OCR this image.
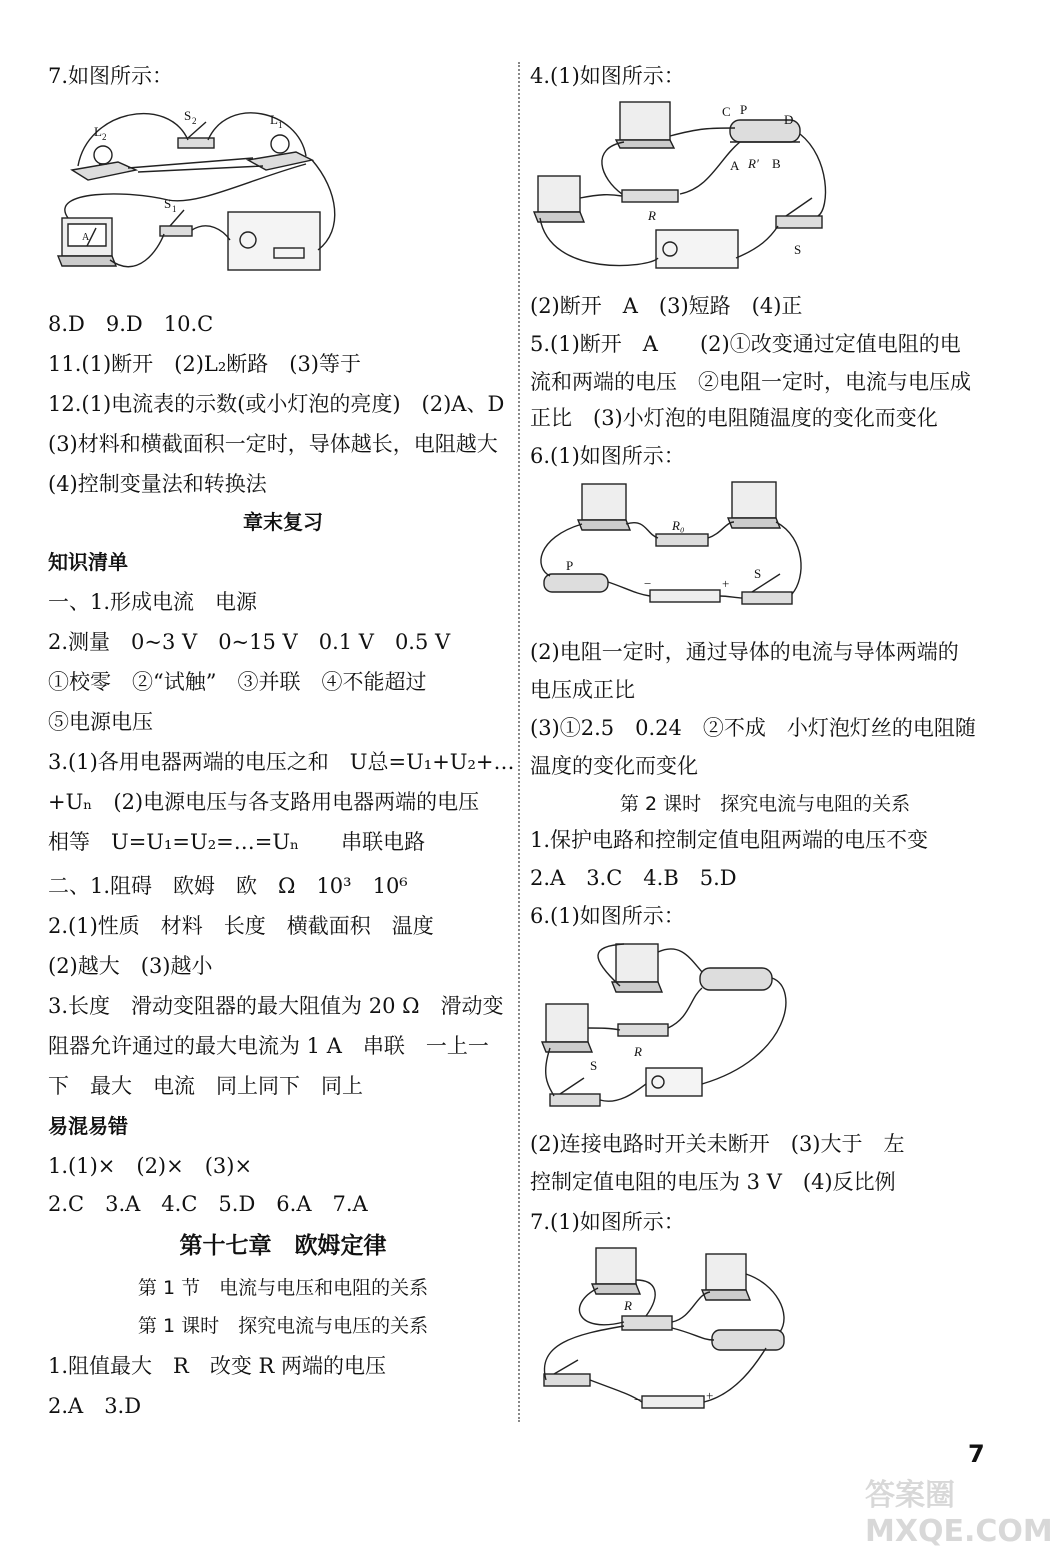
7.如图所示：
L 2
L 1
S 2
S 1
A
8.D　9.D　10.C
11.(1)断开　(2)L₂断路　(3)等于
12.(1)电流表的示数(或小灯泡的亮度)　(2)A、D
(3)材料和横截面积一定时，导体越长，电阻越大
(4)控制变量法和转换法
章末复习
知识清单
一、1.形成电流　电源
2.测量　0~3 V　0~15 V　0.1 V　0.5 V
①校零　②“试触”　③并联　④不能超过
⑤电源电压
3.(1)各用电器两端的电压之和　U总=U₁+U₂+…
+Uₙ　(2)电源电压与各支路用电器两端的电压
相等　U=U₁=U₂=…=Uₙ　　串联电路
二、1.阻碍　欧姆　欧　Ω　10³　10⁶
2.(1)性质　材料　长度　横截面积　温度
(2)越大　(3)越小
3.长度　滑动变阻器的最大阻值为 20 Ω　滑动变
阻器允许通过的最大电流为 1 A　串联　一上一
下　最大　电流　同上同下　同上
易混易错
1.(1)×　(2)×　(3)×
2.C　3.A　4.C　5.D　6.A　7.A
第十七章　欧姆定律
第 1 节　电流与电压和电阻的关系
第 1 课时　探究电流与电压的关系
1.阻值最大　R　改变 R 两端的电压
2.A　3.D
4.(1)如图所示：
C P
D
A R′ B
R
S
(2)断开　A　(3)短路　(4)正
5.(1)断开　A　　(2)①改变通过定值电阻的电
流和两端的电压　②电阻一定时，电流与电压成
正比　(3)小灯泡的电阻随温度的变化而变化
6.(1)如图所示：
R₀
P
S
−	+
(2)电阻一定时，通过导体的电流与导体两端的
电压成正比
(3)①2.5　0.24　②不成　小灯泡灯丝的电阻随
温度的变化而变化
第 2 课时　探究电流与电阻的关系
1.保护电路和控制定值电阻两端的电压不变
2.A　3.C　4.B　5.D
6.(1)如图所示：
R
S
(2)连接电路时开关未断开　(3)大于　左
控制定值电阻的电压为 3 V　(4)反比例
7.(1)如图所示：
R
−	+
7
答案圈 MXQE.COM
